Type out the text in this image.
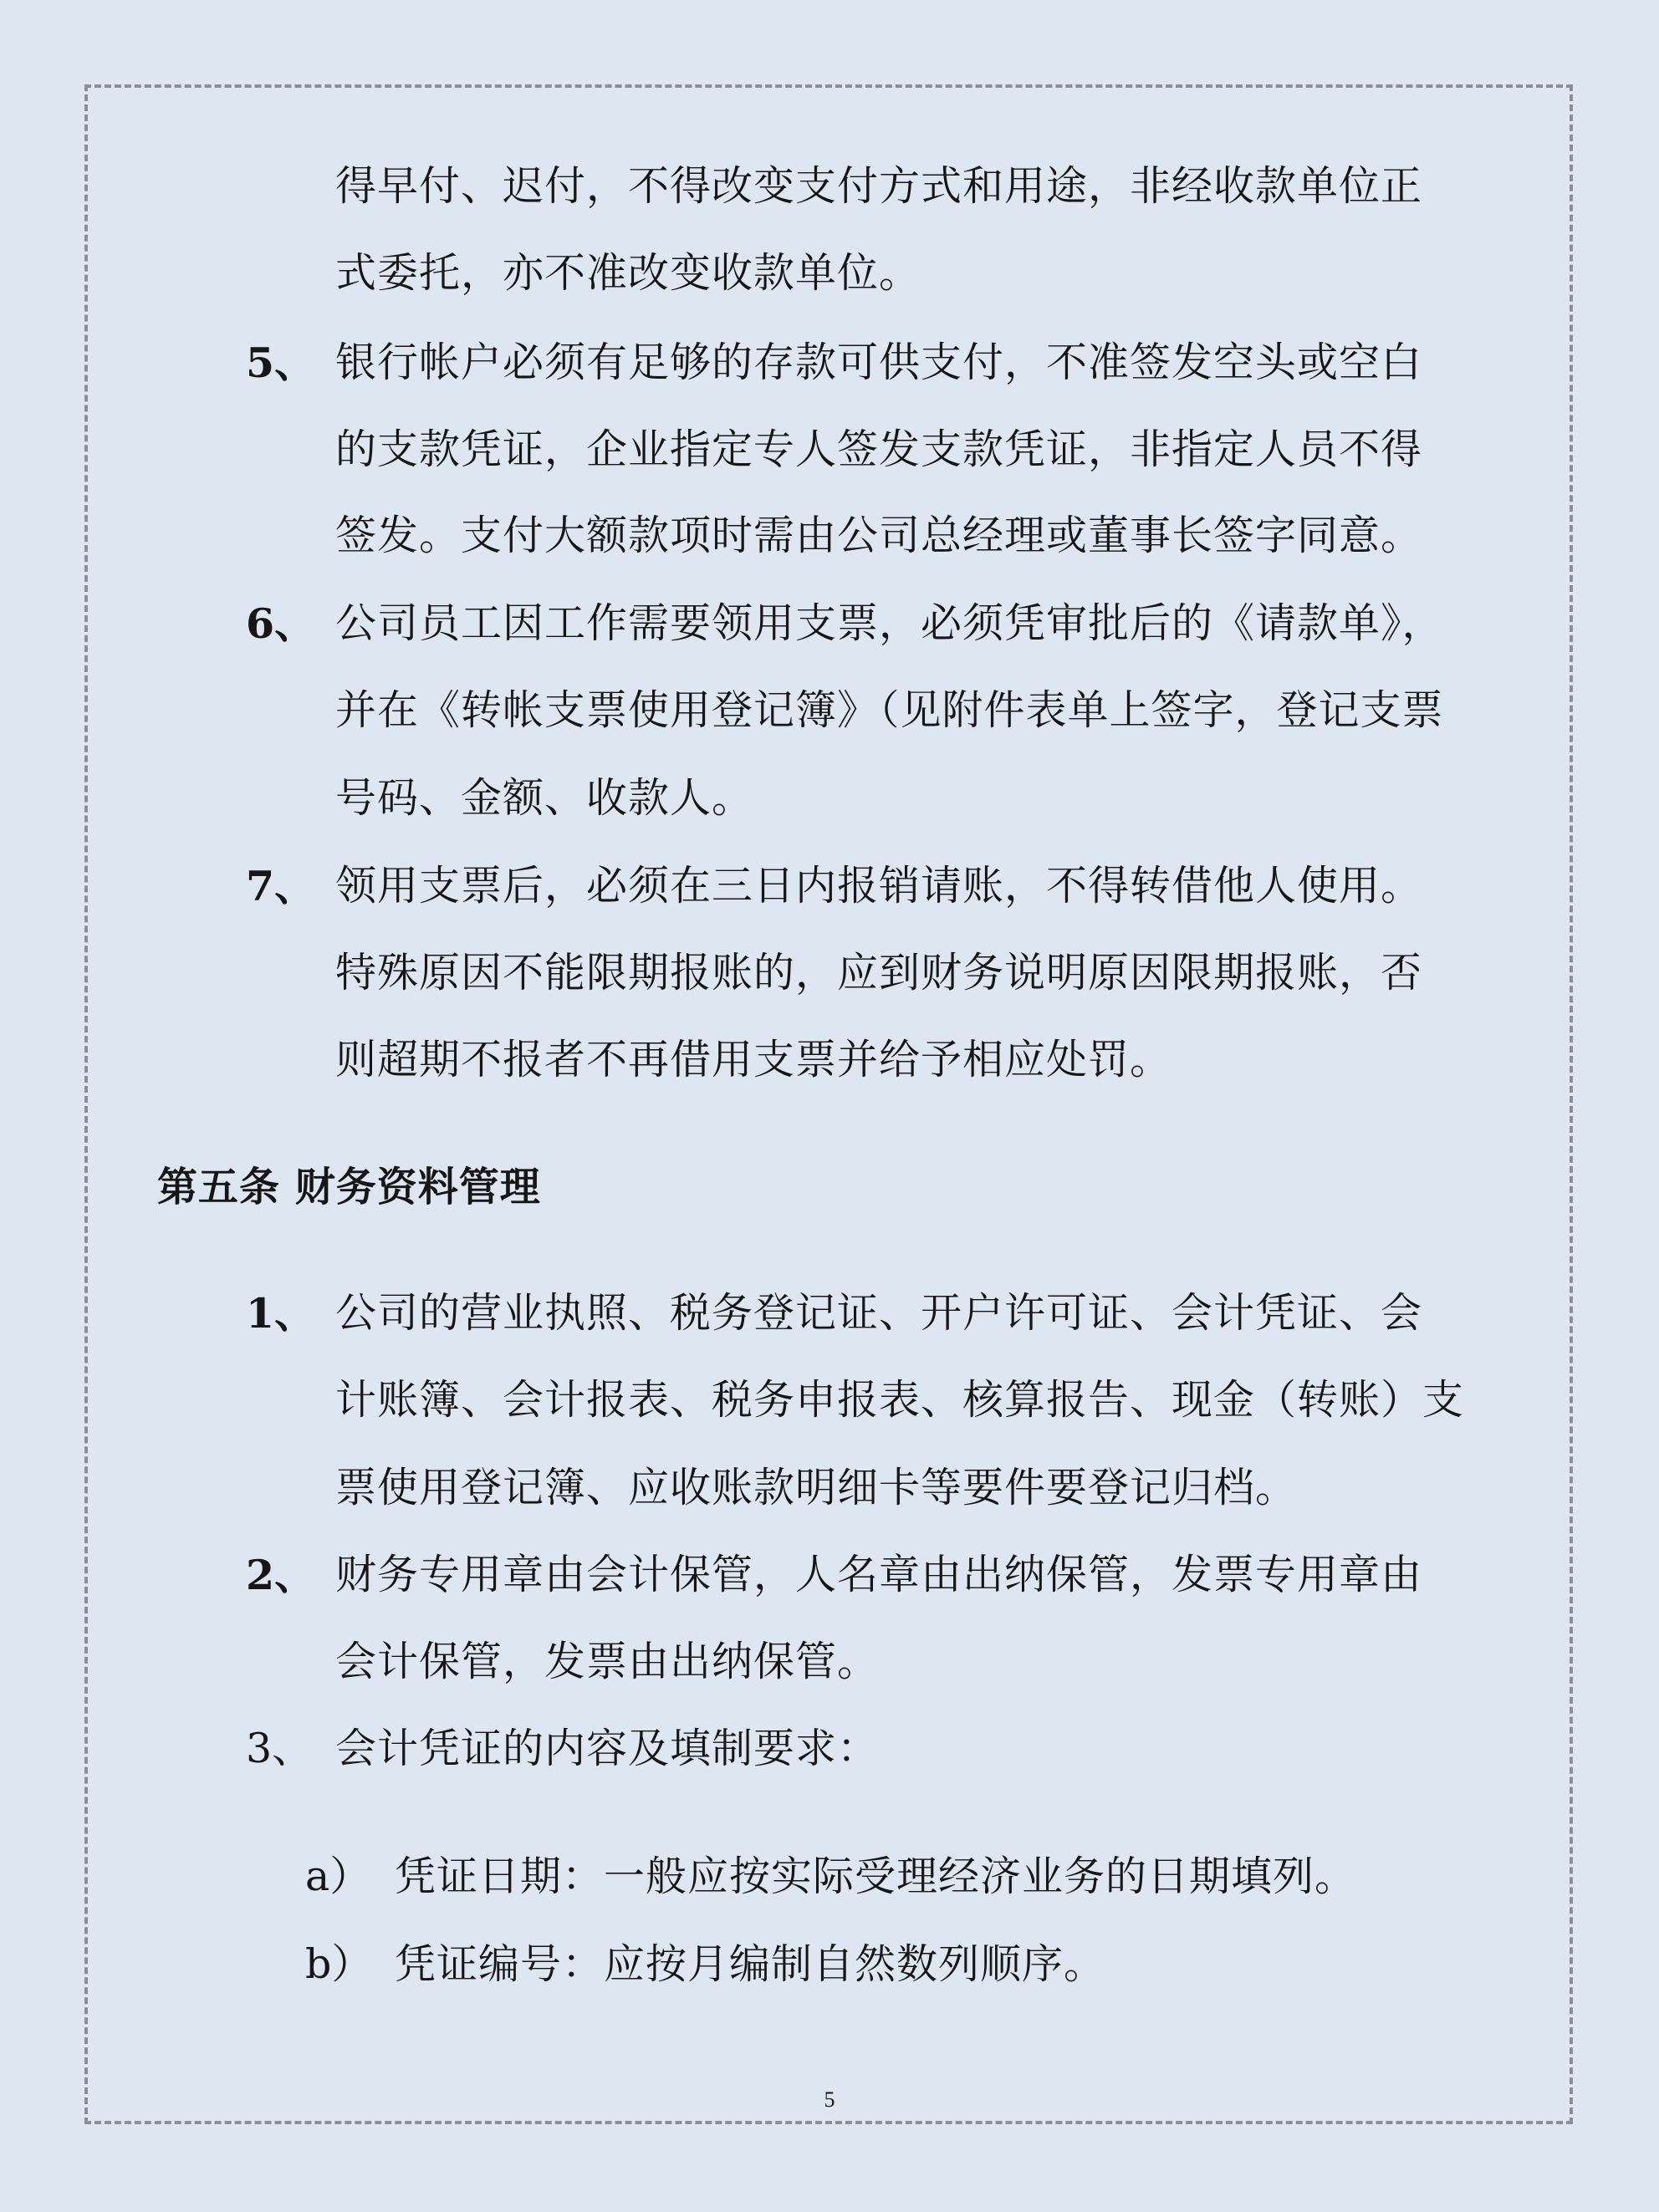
得早付、迟付，不得改变支付方式和用途，非经收款单位正
式委托，亦不准改变收款单位。
5、 银行帐户必须有足够的存款可供支付，不准签发空头或空白
的支款凭证，企业指定专人签发支款凭证，非指定人员不得
签发。支付大额款项时需由公司总经理或董事长签字同意。
6、 公司员工因工作需要领用支票，必须凭审批后的《请款单》，
并在《转帐支票使用登记簿》（见附件表单上签字，登记支票
号码、金额、收款人。
7、 领用支票后，必须在三日内报销请账，不得转借他人使用。
特殊原因不能限期报账的，应到财务说明原因限期报账，否
则超期不报者不再借用支票并给予相应处罚。
第五条 财务资料管理
1、 公司的营业执照、税务登记证、开户许可证、会计凭证、会
计账簿、会计报表、税务申报表、核算报告、现金（转账）支
票使用登记簿、应收账款明细卡等要件要登记归档。
2、 财务专用章由会计保管，人名章由出纳保管，发票专用章由
会计保管，发票由出纳保管。
3、 会计凭证的内容及填制要求：
a） 凭证日期：一般应按实际受理经济业务的日期填列。
b） 凭证编号：应按月编制自然数列顺序。
5
